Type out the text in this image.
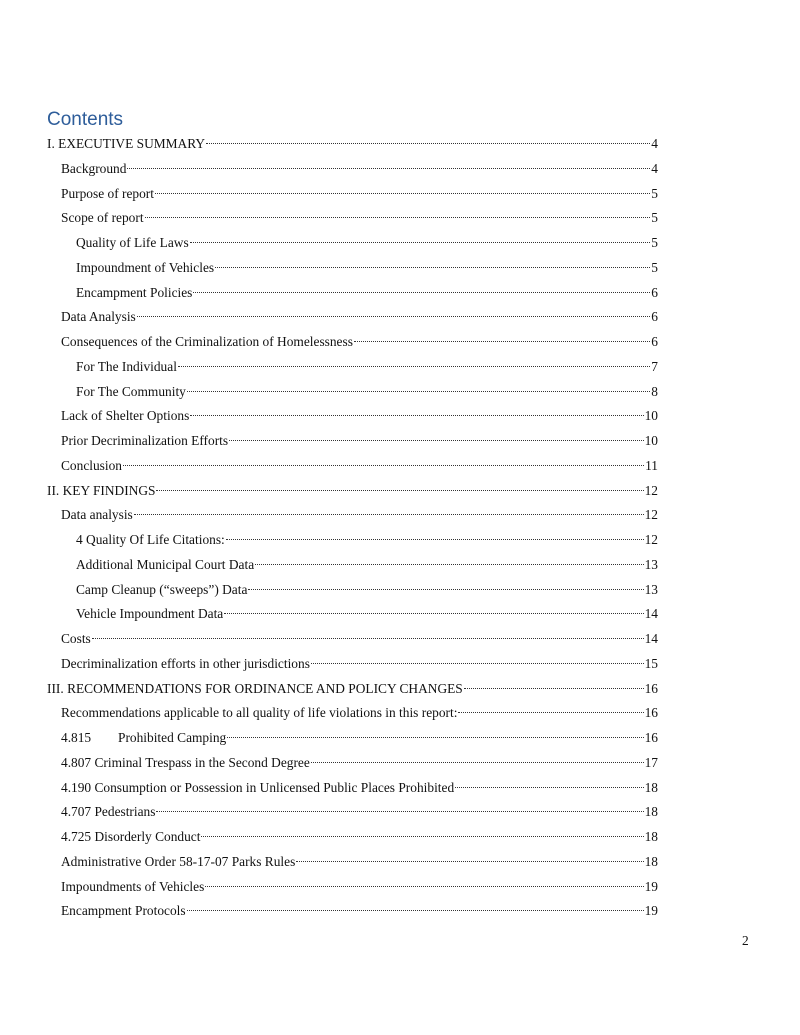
Contents
I. EXECUTIVE SUMMARY	4
Background	4
Purpose of report	5
Scope of report	5
Quality of Life Laws	5
Impoundment of Vehicles	5
Encampment Policies	6
Data Analysis	6
Consequences of the Criminalization of Homelessness	6
For The Individual	7
For The Community	8
Lack of Shelter Options	10
Prior Decriminalization Efforts	10
Conclusion	11
II. KEY FINDINGS	12
Data analysis	12
4 Quality Of Life Citations:	12
Additional Municipal Court Data	13
Camp Cleanup (“sweeps”) Data	13
Vehicle Impoundment Data	14
Costs	14
Decriminalization efforts in other jurisdictions	15
III. RECOMMENDATIONS FOR ORDINANCE AND POLICY CHANGES	16
Recommendations applicable to all quality of life violations in this report:	16
4.815 Prohibited Camping	16
4.807 Criminal Trespass in the Second Degree	17
4.190 Consumption or Possession in Unlicensed Public Places Prohibited	18
4.707 Pedestrians	18
4.725 Disorderly Conduct	18
Administrative Order 58-17-07 Parks Rules	18
Impoundments of Vehicles	19
Encampment Protocols	19
2
